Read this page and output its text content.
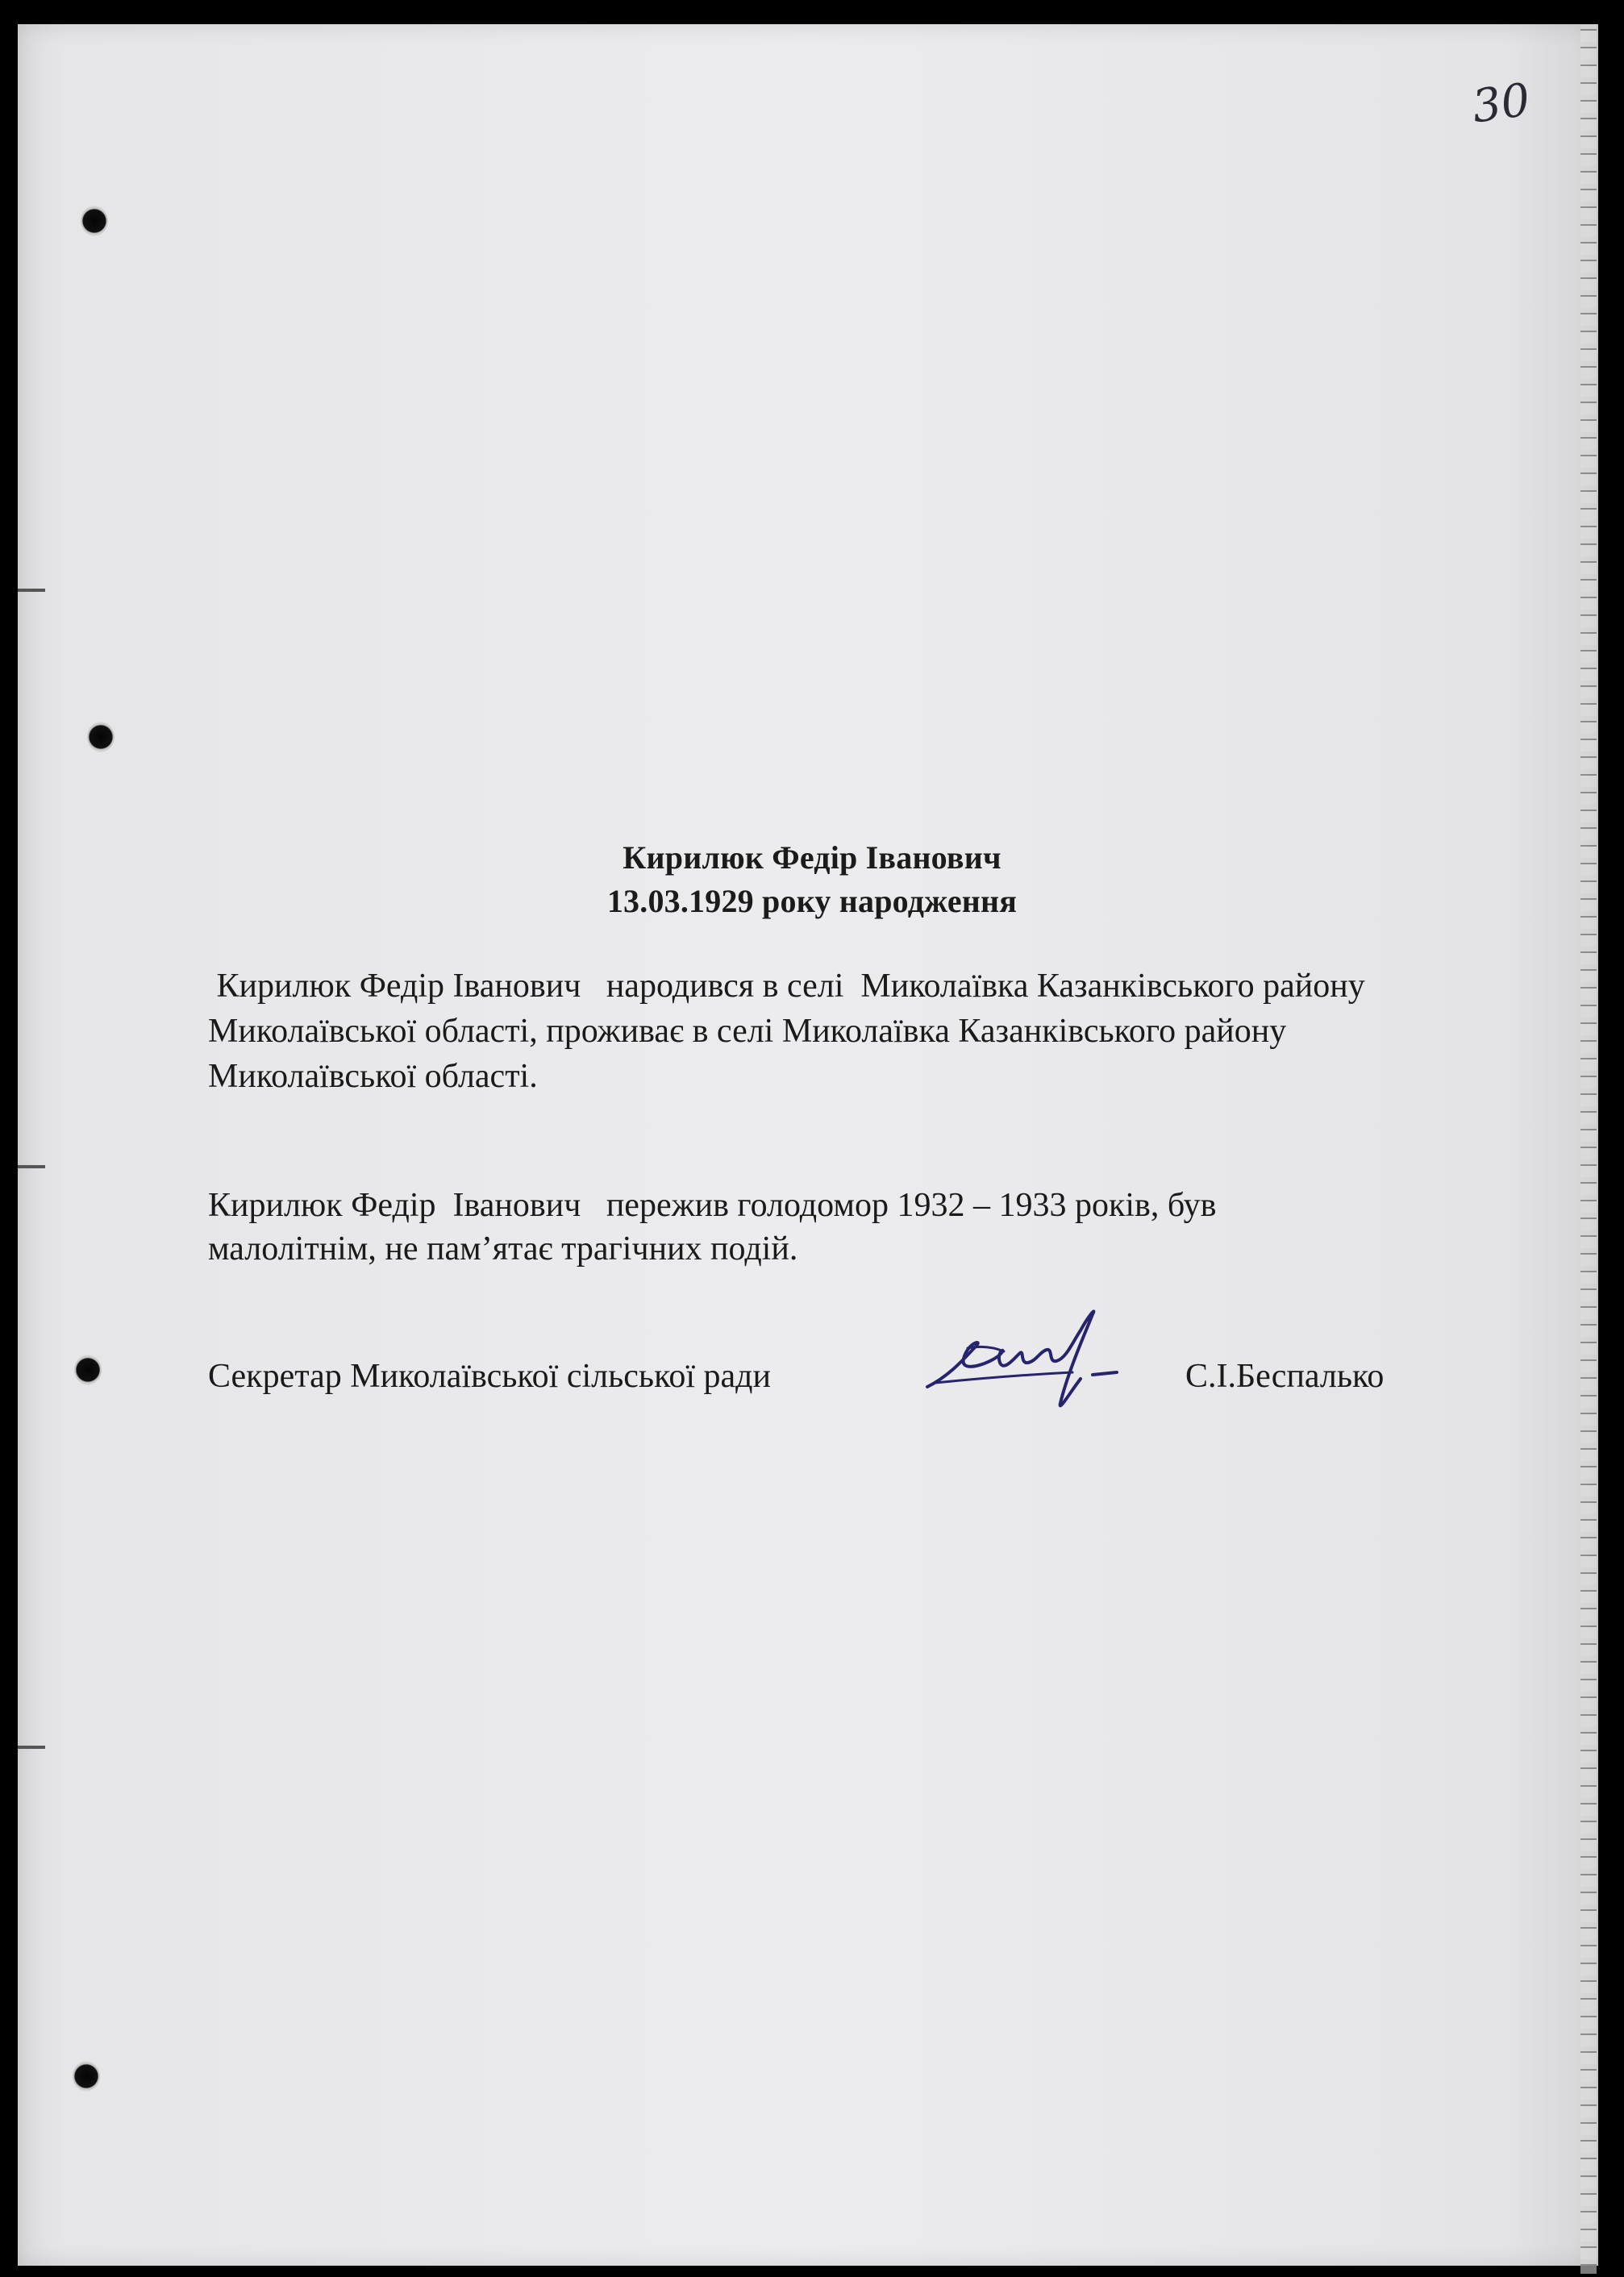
30
Кирилюк Федір Іванович
13.03.1929 року народження
Кирилюк Федір Іванович   народився в селі  Миколаївка Казанківського району
Миколаївської області, проживає в селі Миколаївка Казанківського району
Миколаївської області.
Кирилюк Федір  Іванович   пережив голодомор 1932 – 1933 років, був
малолітнім, не пам’ятає трагічних подій.
Секретар Миколаївської сільської ради	С.І.Беспалько
